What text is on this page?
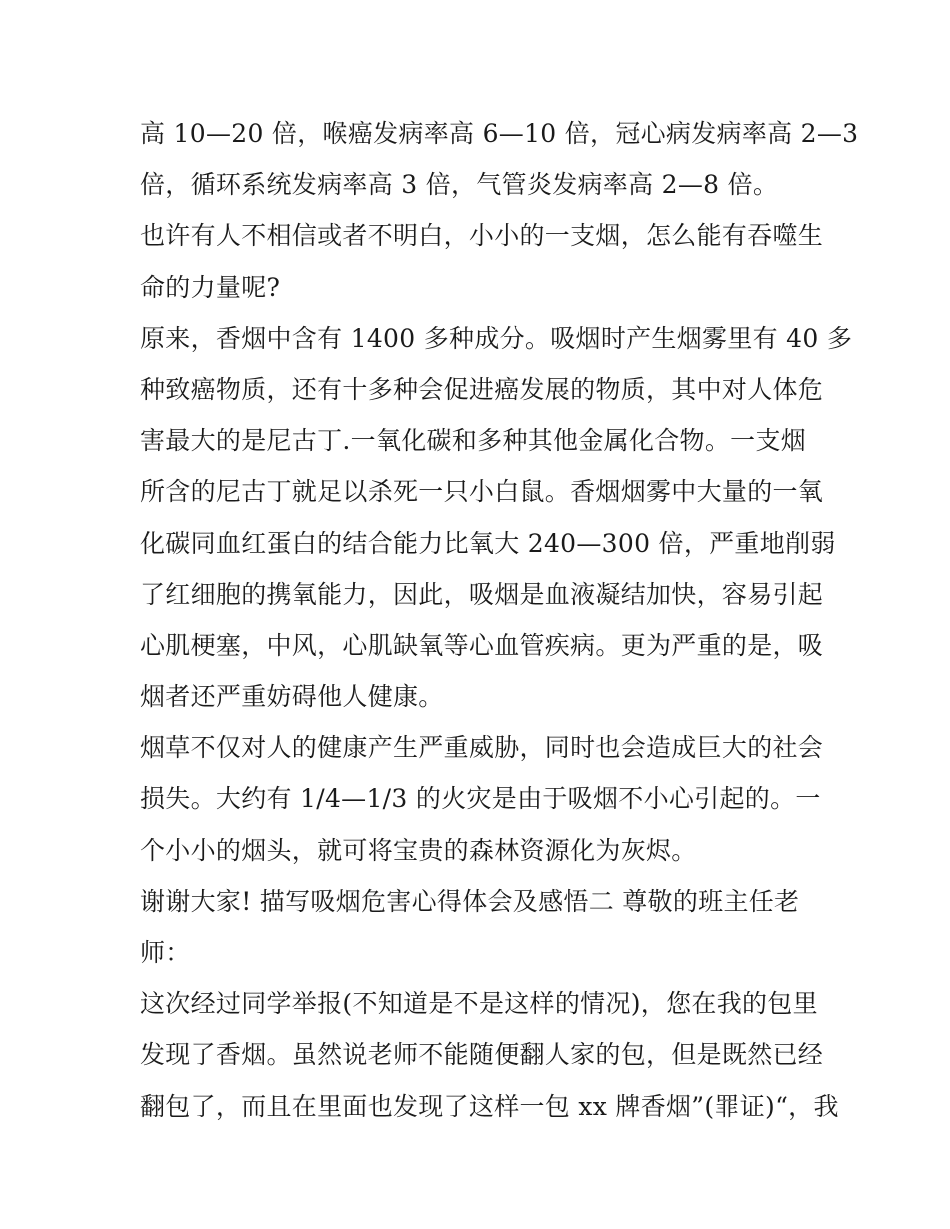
高 10—20 倍，喉癌发病率高 6—10 倍，冠心病发病率高 2—3
倍，循环系统发病率高 3 倍，气管炎发病率高 2—8 倍。
也许有人不相信或者不明白，小小的一支烟，怎么能有吞噬生
命的力量呢?
原来，香烟中含有 1400 多种成分。吸烟时产生烟雾里有 40 多
种致癌物质，还有十多种会促进癌发展的物质，其中对人体危
害最大的是尼古丁.一氧化碳和多种其他金属化合物。一支烟
所含的尼古丁就足以杀死一只小白鼠。香烟烟雾中大量的一氧
化碳同血红蛋白的结合能力比氧大 240—300 倍，严重地削弱
了红细胞的携氧能力，因此，吸烟是血液凝结加快，容易引起
心肌梗塞，中风，心肌缺氧等心血管疾病。更为严重的是，吸
烟者还严重妨碍他人健康。
烟草不仅对人的健康产生严重威胁，同时也会造成巨大的社会
损失。大约有 1/4—1/3 的火灾是由于吸烟不小心引起的。一
个小小的烟头，就可将宝贵的森林资源化为灰烬。
谢谢大家! 描写吸烟危害心得体会及感悟二 尊敬的班主任老
师：
这次经过同学举报(不知道是不是这样的情况)，您在我的包里
发现了香烟。虽然说老师不能随便翻人家的包，但是既然已经
翻包了，而且在里面也发现了这样一包 xx 牌香烟”(罪证)“，我
